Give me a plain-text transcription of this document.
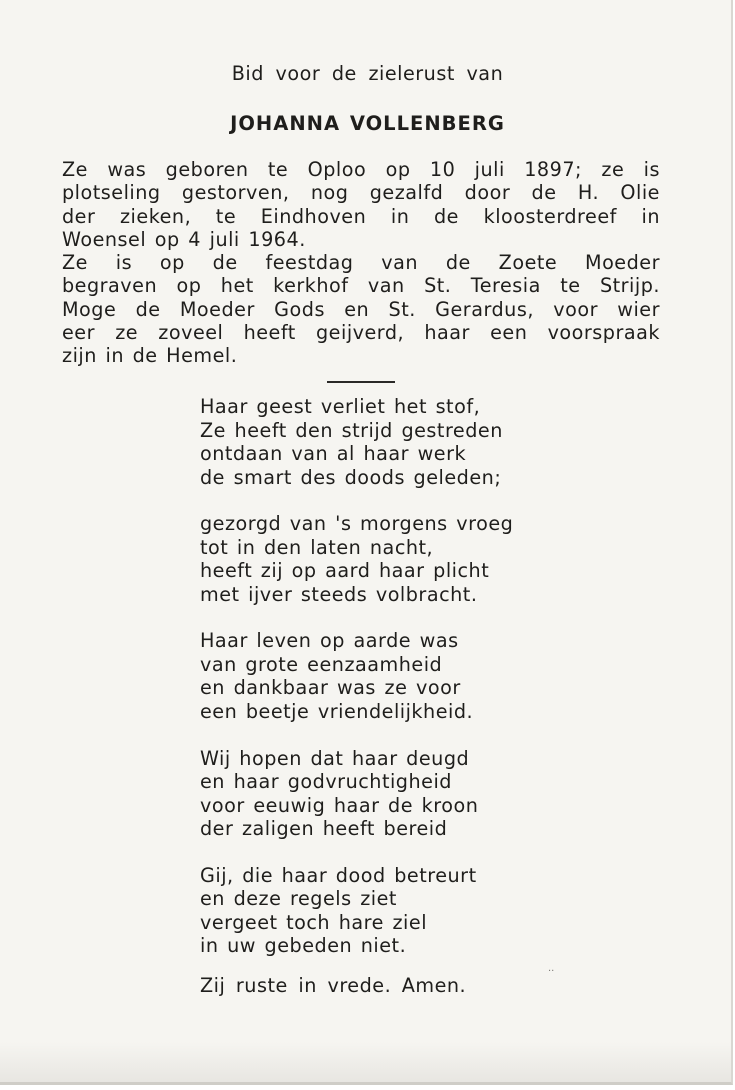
Bid voor de zielerust van
JOHANNA VOLLENBERG
Ze was geboren te Oploo op 10 juli 1897; ze is
plotseling gestorven, nog gezalfd door de H. Olie
der zieken, te Eindhoven in de kloosterdreef in
Woensel op 4 juli 1964.
Ze is op de feestdag van de Zoete Moeder
begraven op het kerkhof van St. Teresia te Strijp.
Moge de Moeder Gods en St. Gerardus, voor wier
eer ze zoveel heeft geijverd, haar een voorspraak
zijn in de Hemel.
Haar geest verliet het stof,
Ze heeft den strijd gestreden
ontdaan van al haar werk
de smart des doods geleden;
gezorgd van 's morgens vroeg
tot in den laten nacht,
heeft zij op aard haar plicht
met ijver steeds volbracht.
Haar leven op aarde was
van grote eenzaamheid
en dankbaar was ze voor
een beetje vriendelijkheid.
Wij hopen dat haar deugd
en haar godvruchtigheid
voor eeuwig haar de kroon
der zaligen heeft bereid
Gij, die haar dood betreurt
en deze regels ziet
vergeet toch hare ziel
in uw gebeden niet.
Zij ruste in vrede. Amen.
··
